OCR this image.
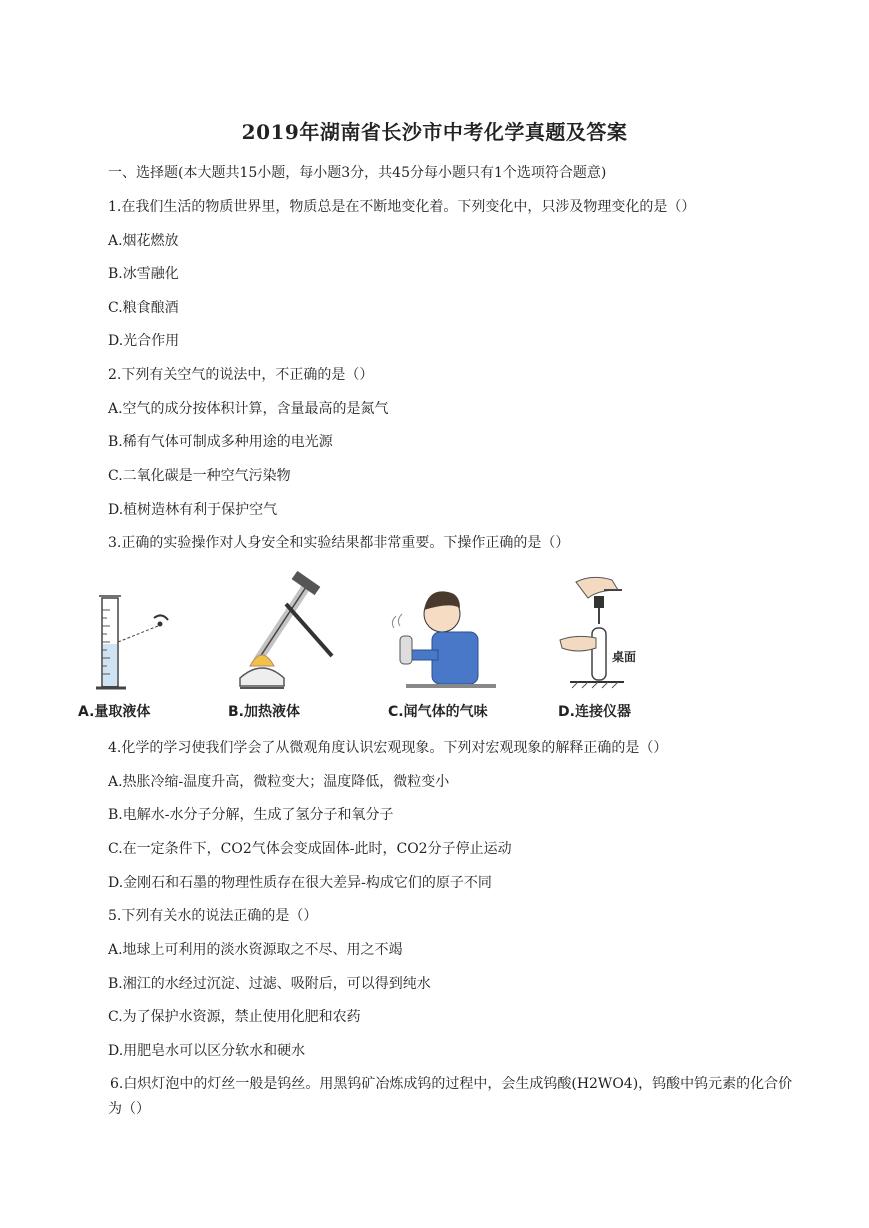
2019年湖南省长沙市中考化学真题及答案
一、选择题(本大题共15小题，每小题3分，共45分每小题只有1个选项符合题意)
1.在我们生活的物质世界里，物质总是在不断地变化着。下列变化中，只涉及物理变化的是（）
A.烟花燃放
B.冰雪融化
C.粮食酿酒
D.光合作用
2.下列有关空气的说法中，不正确的是（）
A.空气的成分按体积计算，含量最高的是氮气
B.稀有气体可制成多种用途的电光源
C.二氧化碳是一种空气污染物
D.植树造林有利于保护空气
3.正确的实验操作对人身安全和实验结果都非常重要。下操作正确的是（）
A.量取液体	B.加热液体	C.闻气体的气味
桌面
D.连接仪器
4.化学的学习使我们学会了从微观角度认识宏观现象。下列对宏观现象的解释正确的是（）
A.热胀冷缩-温度升高，微粒变大；温度降低，微粒变小
B.电解水-水分子分解，生成了氢分子和氧分子
C.在一定条件下，CO2气体会变成固体-此时，CO2分子停止运动
D.金刚石和石墨的物理性质存在很大差异-构成它们的原子不同
5.下列有关水的说法正确的是（）
A.地球上可利用的淡水资源取之不尽、用之不竭
B.湘江的水经过沉淀、过滤、吸附后，可以得到纯水
C.为了保护水资源，禁止使用化肥和农药
D.用肥皂水可以区分软水和硬水
6.白炽灯泡中的灯丝一般是钨丝。用黑钨矿冶炼成钨的过程中，会生成钨酸(H2WO4)，钨酸中钨元素的化合价为（）
